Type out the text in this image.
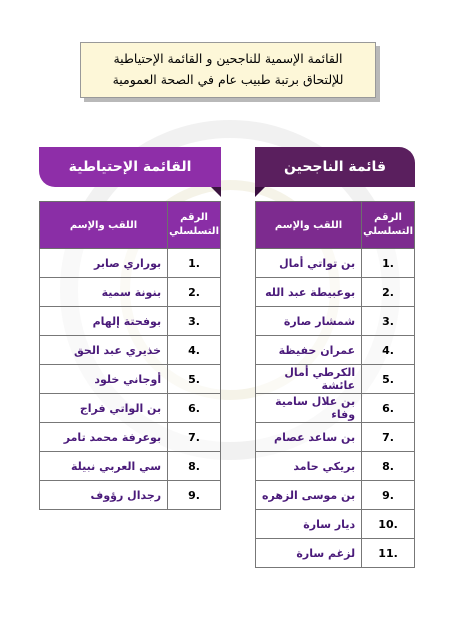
القائمة الإسمية للناجحين و القائمة الإحتياطية
للإلتحاق برتبة طبيب عام في الصحة العمومية
القائمة الإحتياطية
الرقم التسلسلي	اللقب والإسم
1.	بوراري صابر
2.	بنونة سمية
3.	بوفحتة إلهام
4.	خذيري عبد الحق
5.	أوجاني خلود
6.	بن الواتي فراج
7.	بوعرفة محمد تامر
8.	سي العربي نبيلة
9.	رجدال رؤوف
قائمة الناجحين
الرقم التسلسلي	اللقب والإسم
1.	بن تواتي أمال
2.	بوعبيطة عبد الله
3.	شمشار صارة
4.	عمران حفيظة
5.	الكرطي أمال عائشة
6.	بن علال سامية وفاء
7.	بن ساعد عصام
8.	بريكي حامد
9.	بن موسى الزهره
10.	ديار سارة
11.	لزغم سارة
